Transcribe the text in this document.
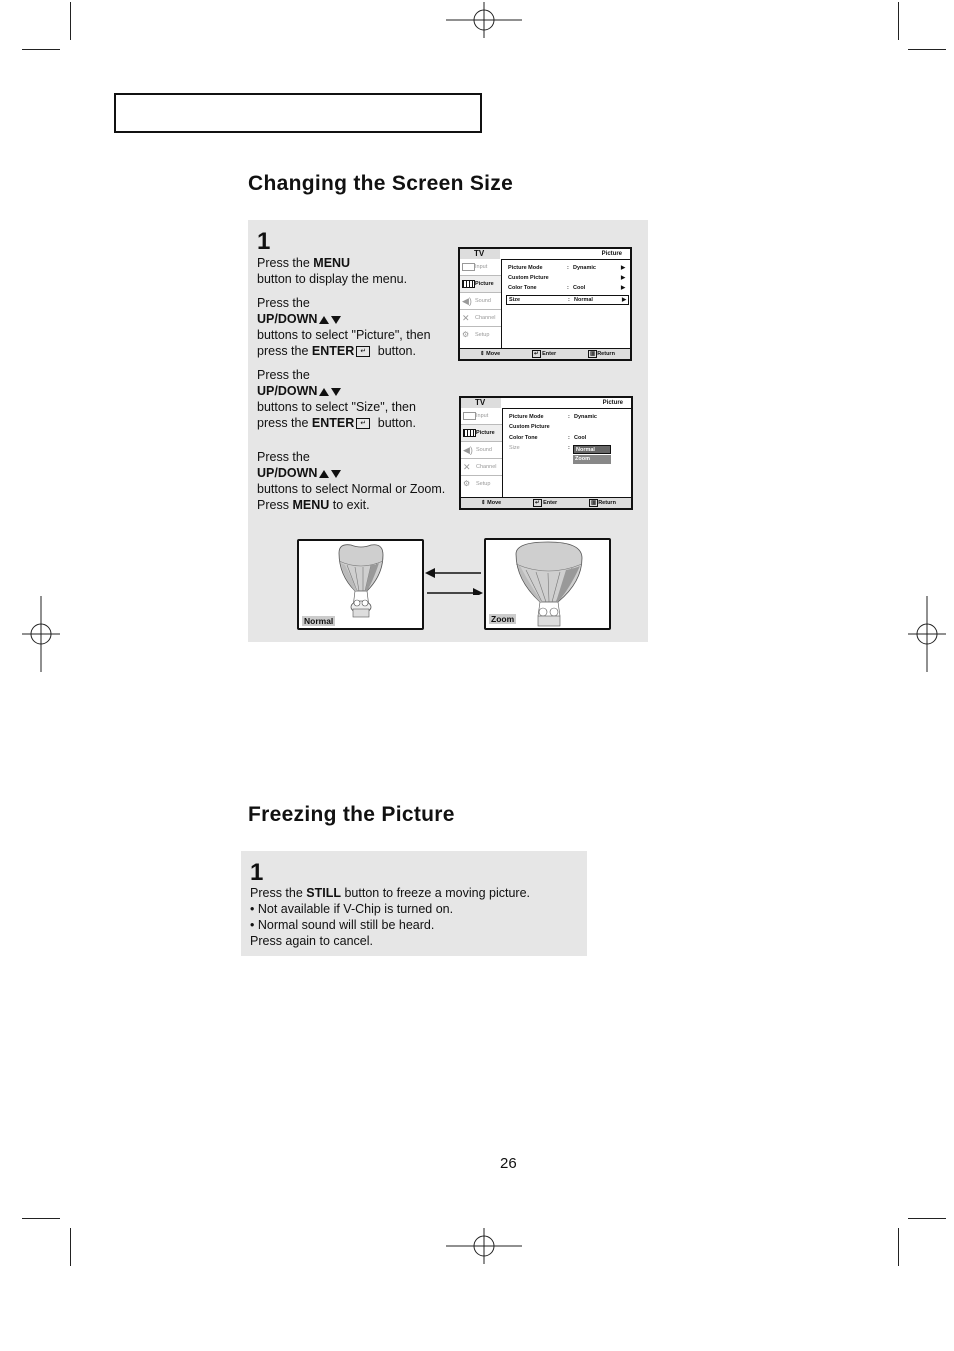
Changing the Screen Size
1
Press the MENU
button to display the menu.
Press the
UP/DOWN
buttons to select "Picture", then
press the ENTER ↵ button.
Press the
UP/DOWN
buttons to select "Size", then
press the ENTER ↵ button.
Press the
UP/DOWN
buttons to select Normal or Zoom.
Press MENU to exit.
TV	Picture
Input
Picture
◀) Sound
✕ Channel
⚙	Setup
Picture Mode	: Dynamic	▶
Custom Picture	▶
Color Tone	: Cool	▶
Size	: Normal	▶
⇕ Move	↵ Enter	▥ Return
TV	Picture
Input
Picture
◀) Sound
✕ Channel
⚙	Setup
Picture Mode	: Dynamic
Custom Picture
Color Tone	: Cool
Size	:	Normal
Zoom
⇕ Move	↵ Enter	▥ Return
Normal	Zoom
Freezing the Picture
1
Press the STILL button to freeze a moving picture.
• Not available if V-Chip is turned on.
• Normal sound will still be heard.
Press again to cancel.
26
